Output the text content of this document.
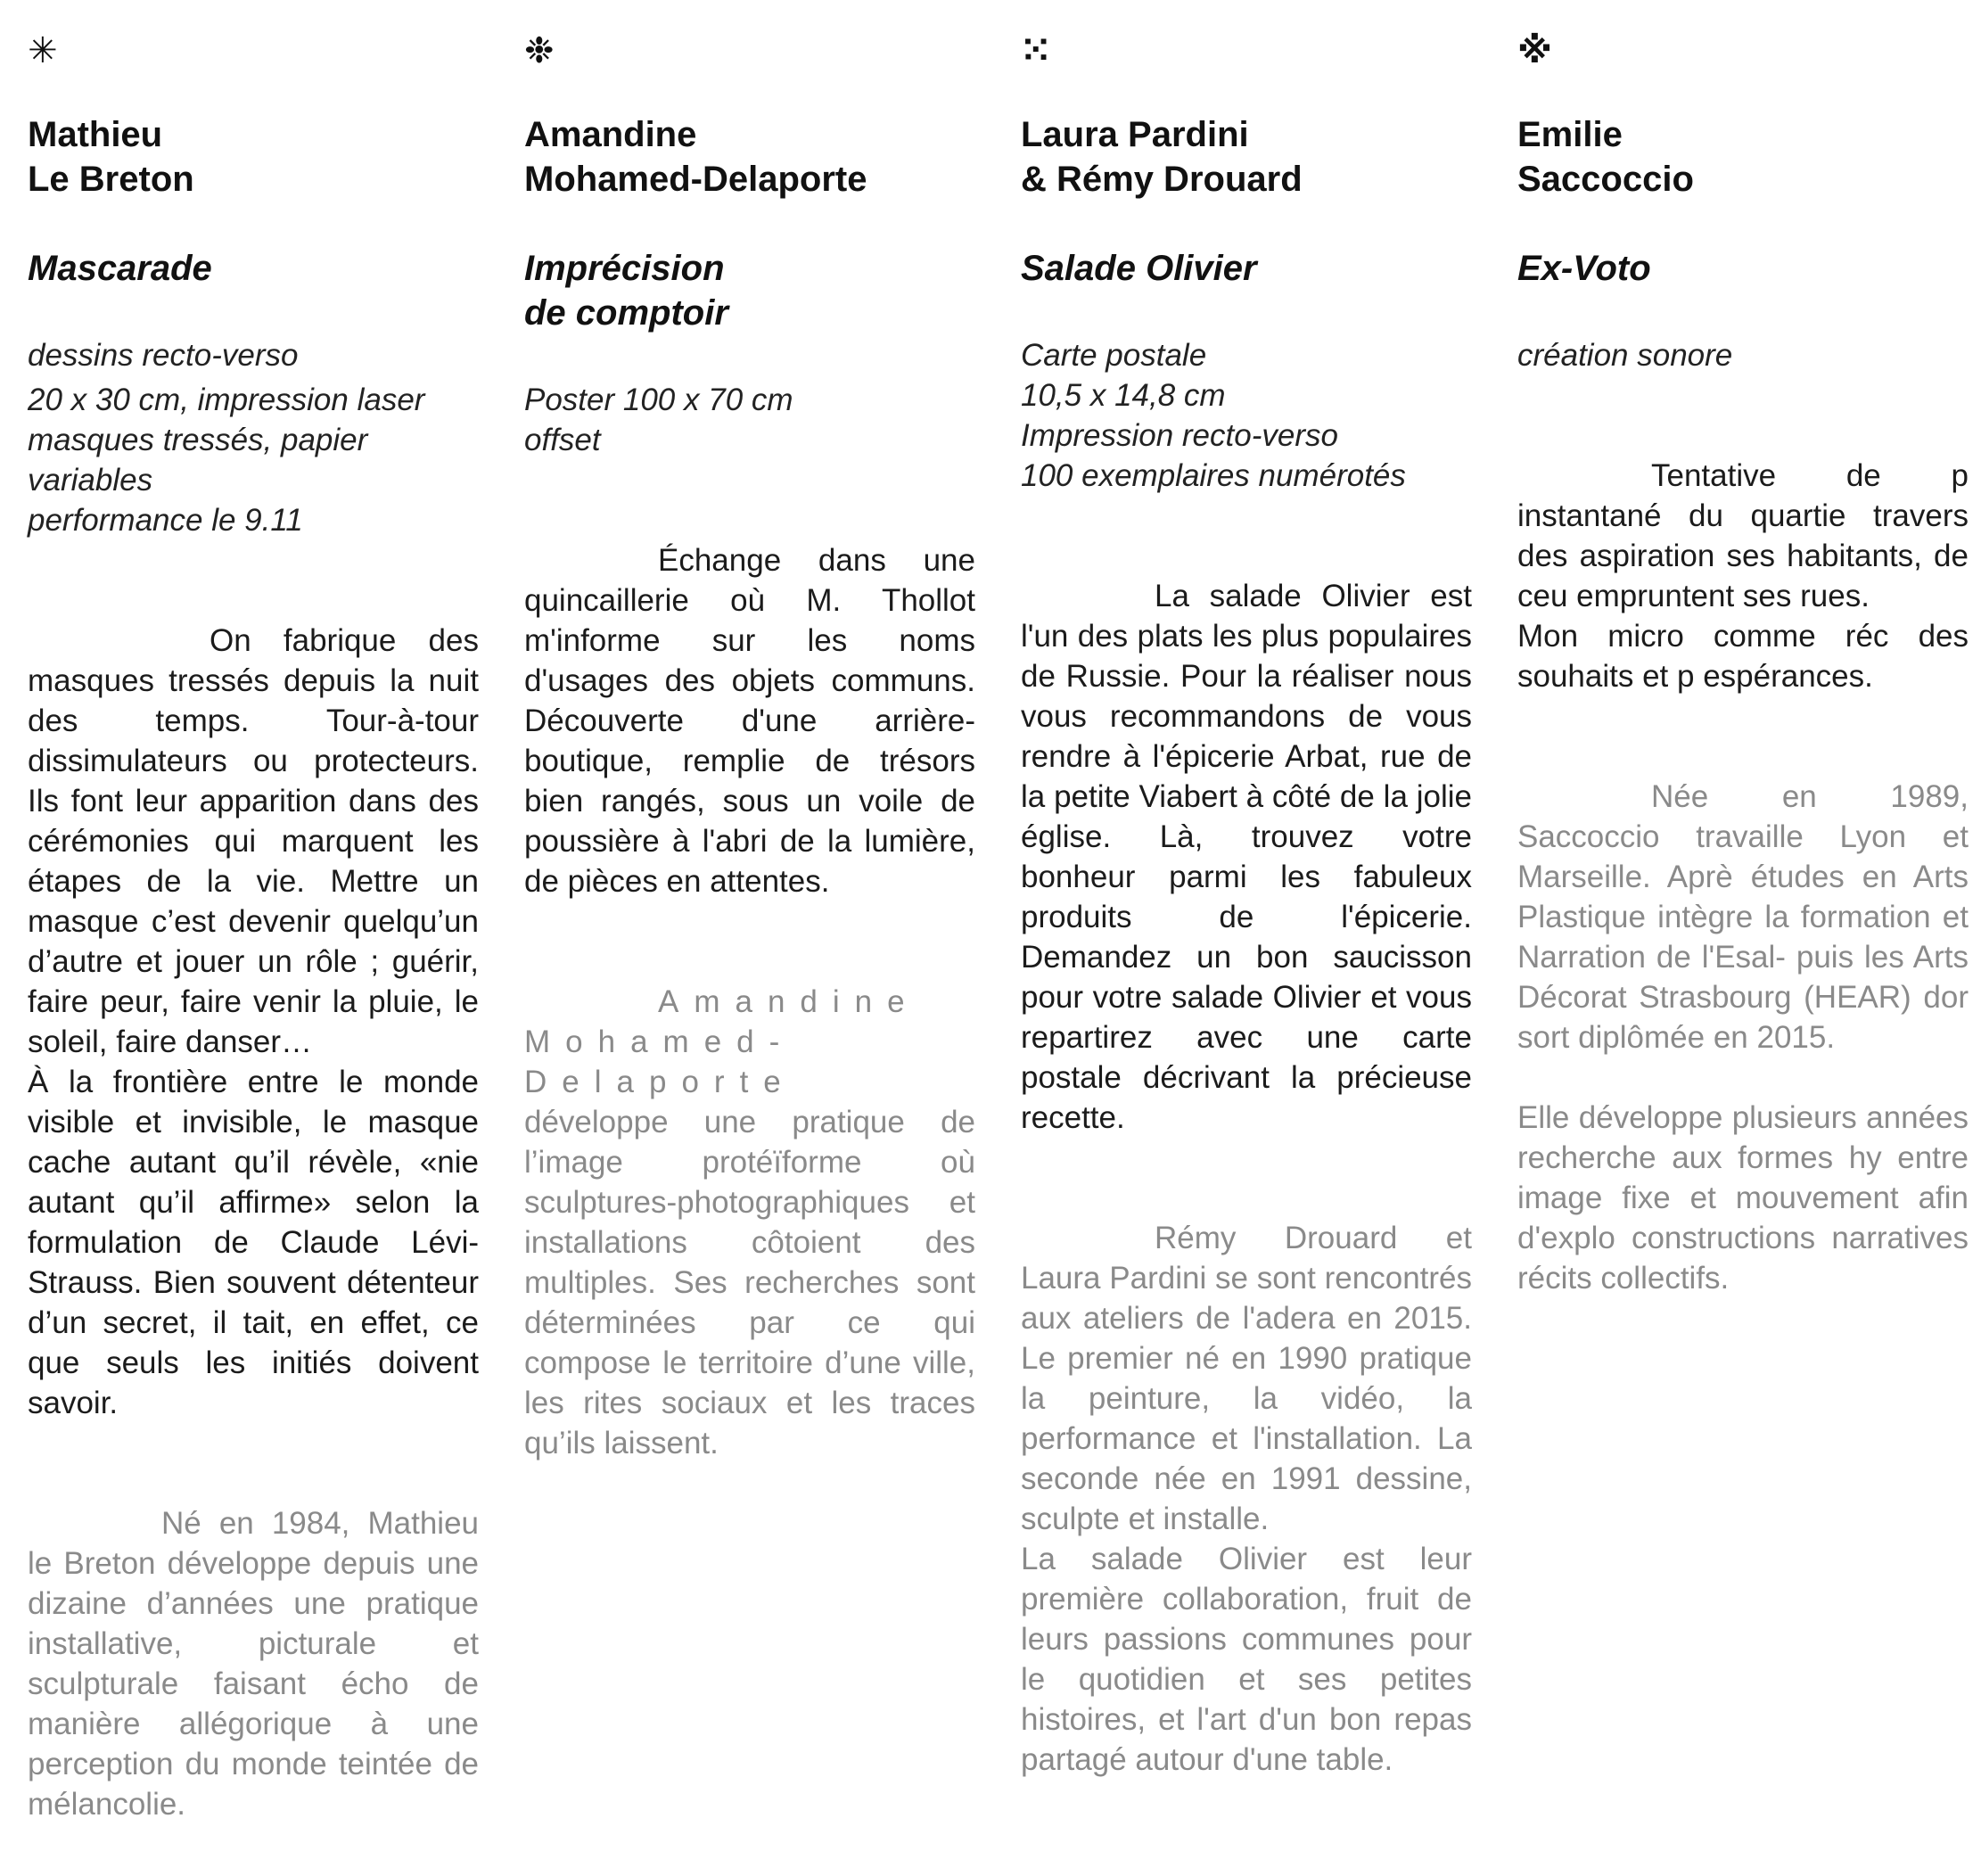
✳
Mathieu
Le Breton
Mascarade
dessins recto-verso
20 x 30 cm, impression laser
masques tressés, papier
variables
performance le 9.11
On fabrique des masques tressés depuis la nuit des temps. Tour-à-tour dissimulateurs ou protecteurs. Ils font leur apparition dans des cérémonies qui marquent les étapes de la vie. Mettre un masque c’est devenir quelqu’un d’autre et jouer un rôle ; guérir, faire peur, faire venir la pluie, le soleil, faire danser…
À la frontière entre le monde visible et invisible, le masque cache autant qu’il révèle, «nie autant qu’il affirme» selon la formulation de Claude Lévi-Strauss. Bien souvent détenteur d’un secret, il tait, en effet, ce que seuls les initiés doivent savoir.
Né en 1984, Mathieu le Breton développe depuis une dizaine d’années une pratique installative, picturale et sculpturale faisant écho de manière allégorique à une perception du monde teintée de mélancolie.
❉
Amandine
Mohamed-Delaporte
Imprécision
de comptoir
Poster 100 x 70 cm
offset
Échange dans une quincaillerie où M. Thollot m'informe sur les noms d'usages des objets communs. Découverte d'une arrière-boutique, remplie de trésors bien rangés, sous un voile de poussière à l'abri de la lumière, de pièces en attentes.
Amandine Mohamed-Delaporte
développe une pratique de l’image protéïforme où sculptures-photographiques et installations côtoient des multiples. Ses recherches sont déterminées par ce qui compose le territoire d’une ville, les rites sociaux et les traces qu’ils laissent.
⁙
Laura Pardini
& Rémy Drouard
Salade Olivier
Carte postale
10,5 x 14,8 cm
Impression recto-verso
100 exemplaires numérotés
La salade Olivier est l'un des plats les plus populaires de Russie. Pour la réaliser nous vous recommandons de vous rendre à l'épicerie Arbat, rue de la petite Viabert à côté de la jolie église. Là, trouvez votre bonheur parmi les fabuleux produits de l'épicerie. Demandez un bon saucisson pour votre salade Olivier et vous repartirez avec une carte postale décrivant la précieuse recette.
Rémy Drouard et Laura Pardini se sont rencontrés aux ateliers de l'adera en 2015. Le premier né en 1990 pratique la peinture, la vidéo, la performance et l'installation. La seconde née en 1991 dessine, sculpte et installe.
La salade Olivier est leur première collaboration, fruit de leurs passions communes pour le quotidien et ses petites histoires, et l'art d'un bon repas partagé autour d'une table.
※
Emilie
Saccoccio
Ex-Voto
création sonore
Tentative de p instantané du quartie travers des aspiration ses habitants, de ceu empruntent ses rues.
Mon micro comme réc des souhaits et p espérances.
Née en 1989, Saccoccio travaille Lyon et Marseille. Aprè études en Arts Plastique intègre la formation et Narration de l'Esal- puis les Arts Décorat Strasbourg (HEAR) dor sort diplômée en 2015.
Elle développe plusieurs années recherche aux formes hy entre image fixe et mouvement afin d'explo constructions narratives récits collectifs.
